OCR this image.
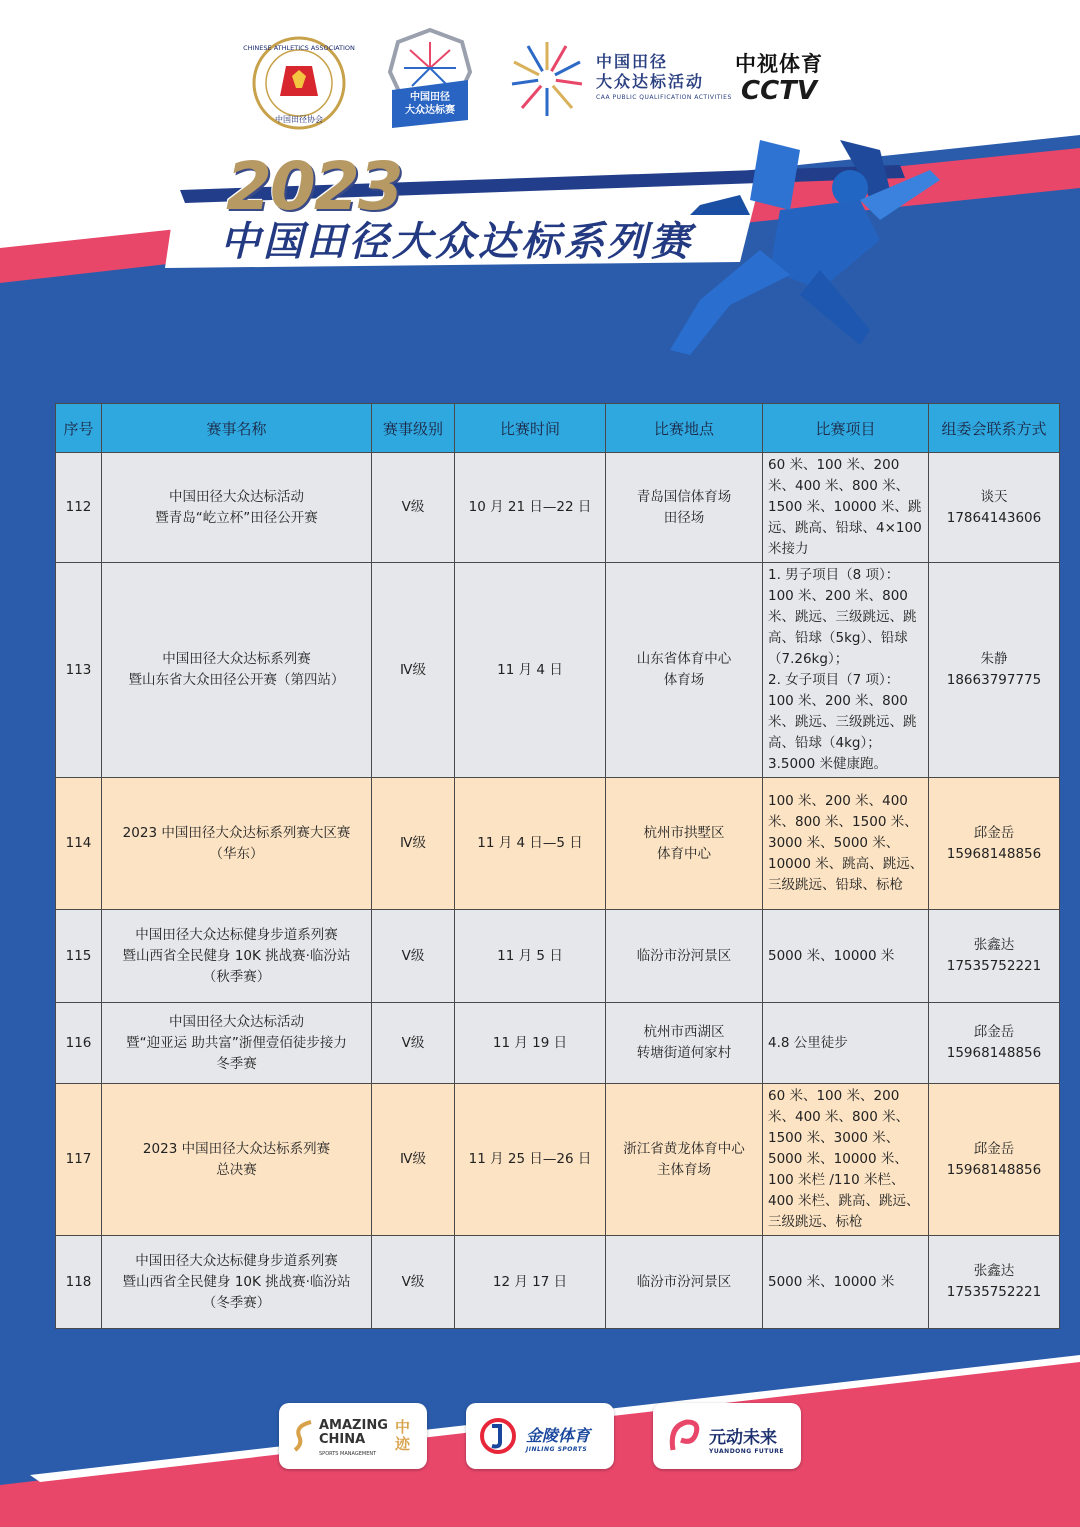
CHINESE ATHLETICS ASSOCIATION
中国田径协会
中国田径
大众达标赛
中国田径
大众达标活动
CAA PUBLIC QUALIFICATION ACTIVITIES
中视体育
CCTV
2023
中国田径大众达标系列赛
序号	赛事名称	赛事级别	比赛时间	比赛地点	比赛项目	组委会联系方式
112	中国田径大众达标活动
暨青岛“屹立杯”田径公开赛	V级	10 月 21 日—22 日	青岛国信体育场
田径场	60 米、100 米、200 米、400 米、800 米、1500 米、10000 米、跳远、跳高、铅球、4×100 米接力	谈天
17864143606
113	中国田径大众达标系列赛
暨山东省大众田径公开赛（第四站）	Ⅳ级	11 月 4 日	山东省体育中心
体育场	1. 男子项目（8 项）：
100 米、200 米、800 米、跳远、三级跳远、跳高、铅球（5kg）、铅球（7.26kg）；
2. 女子项目（7 项）：
100 米、200 米、800 米、跳远、三级跳远、跳高、铅球（4kg）；
3.5000 米健康跑。	朱静
18663797775
114	2023 中国田径大众达标系列赛大区赛
（华东）	Ⅳ级	11 月 4 日—5 日	杭州市拱墅区
体育中心	100 米、200 米、400 米、800 米、1500 米、3000 米、5000 米、10000 米、跳高、跳远、三级跳远、铅球、标枪	邱金岳
15968148856
115	中国田径大众达标健身步道系列赛
暨山西省全民健身 10K 挑战赛·临汾站
（秋季赛）	V级	11 月 5 日	临汾市汾河景区	5000 米、10000 米	张鑫达
17535752221
116	中国田径大众达标活动
暨“迎亚运 助共富”浙俚壹佰徒步接力
冬季赛	V级	11 月 19 日	杭州市西湖区
转塘街道何家村	4.8 公里徒步	邱金岳
15968148856
117	2023 中国田径大众达标系列赛
总决赛	Ⅳ级	11 月 25 日—26 日	浙江省黄龙体育中心
主体育场	60 米、100 米、200 米、400 米、800 米、1500 米、3000 米、5000 米、10000 米、100 米栏 /110 米栏、400 米栏、跳高、跳远、三级跳远、标枪	邱金岳
15968148856
118	中国田径大众达标健身步道系列赛
暨山西省全民健身 10K 挑战赛·临汾站
（冬季赛）	V级	12 月 17 日	临汾市汾河景区	5000 米、10000 米	张鑫达
17535752221
AMAZING
CHINA
SPORTS MANAGEMENT
中迹	金陵体育
JINLING SPORTS
元动未来
YUANDONG FUTURE
